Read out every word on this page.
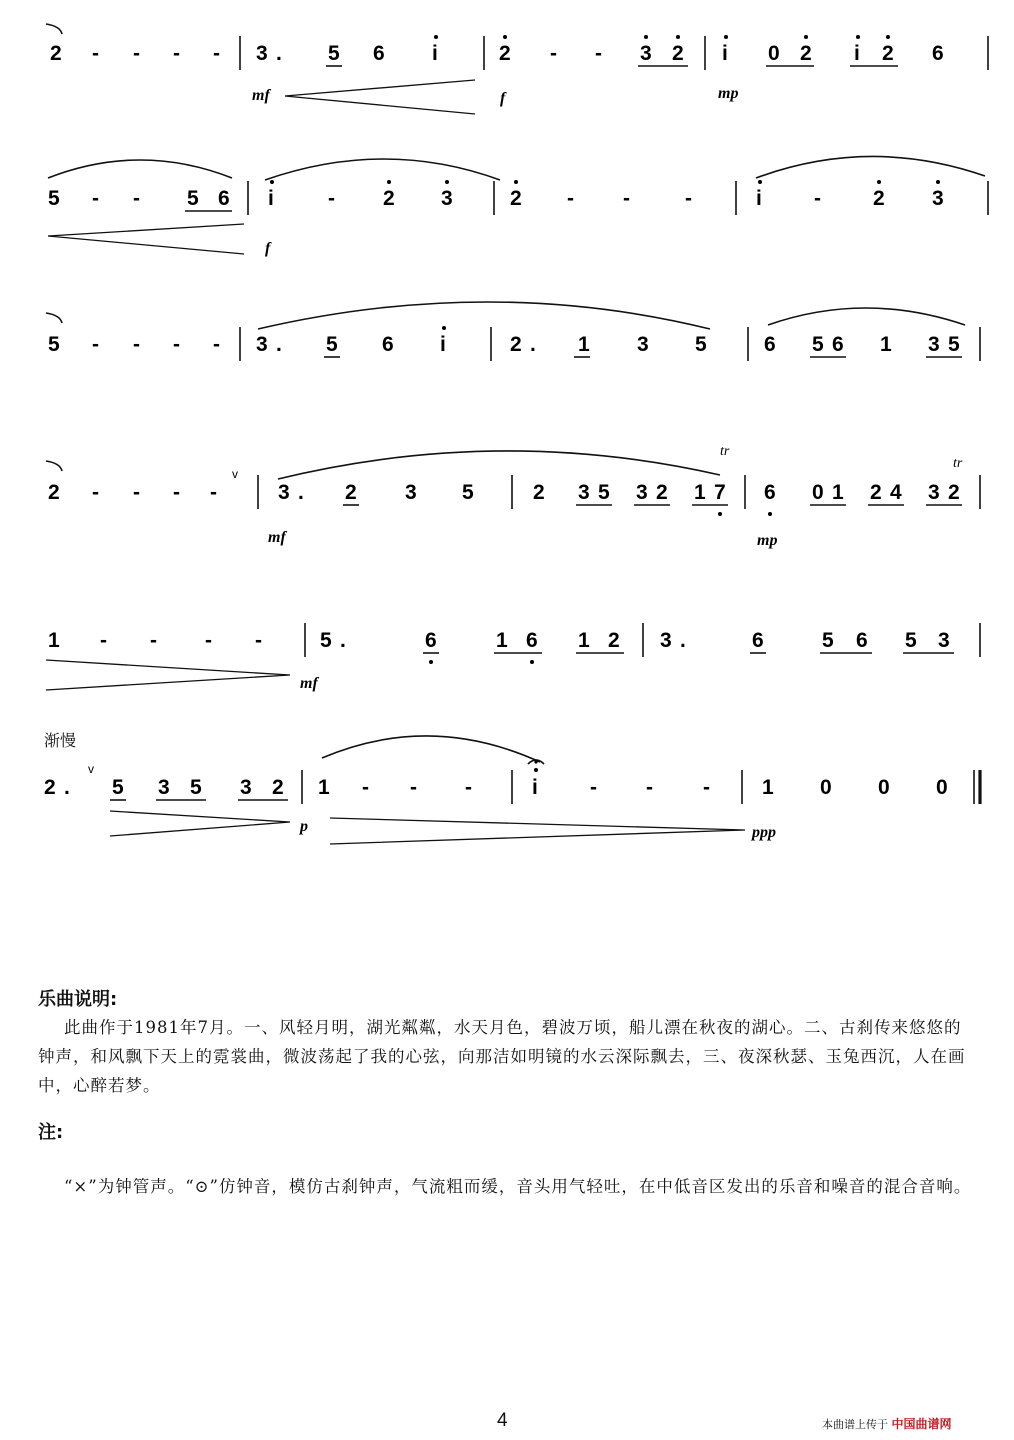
2 - - - - 3 . 5 6 i	2 - - 3 2 i 0 2 i 2 6
mf	f	mp
5 - - 5 6 i	- 2 3	2 - -	-	i - 2 3
f
5 - - - - 3 . 5 6 i	2 . 1 3 5	6 5 6 1 3 5
2 - - - -
v
3 . 2 3 5	2 3 5 3 2 1 7 6 0 1 2 4 3 2
tr
tr
mf	mp
1 - - - -	5 .	6	1 6 1 2 3 .	6	5 6 5 3
mf
渐慢
2 .
v
5 3 5 3 2 1 - - -	i - - - 1 0 0 0
p	ppp
乐曲说明:

此曲作于1981年7月。一、风轻月明，湖光粼粼，水天月色，碧波万顷，船儿漂在秋夜的湖心。二、古刹传来悠悠的钟声，和风飘下天上的霓裳曲，微波荡起了我的心弦，向那洁如明镜的水云深际飘去，三、夜深秋瑟、玉兔西沉，人在画中，心醉若梦。

注:

“×”为钟管声。“⊙”仿钟音，模仿古刹钟声，气流粗而缓，音头用气轻吐，在中低音区发出的乐音和噪音的混合音响。

4	本曲谱上传于 中国曲谱网
